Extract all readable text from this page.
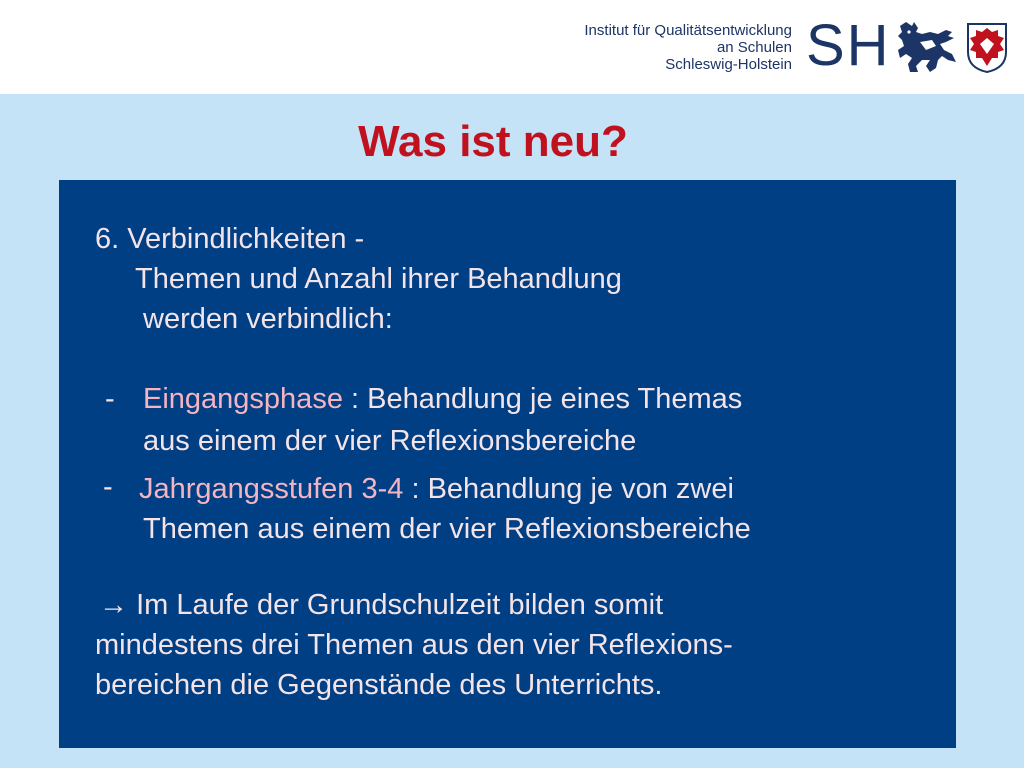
Institut für Qualitätsentwicklung
an Schulen
Schleswig-Holstein SH
Was ist neu?
6. Verbindlichkeiten -
Themen und Anzahl ihrer Behandlung
werden verbindlich:
- Eingangsphase : Behandlung je eines Themas
aus einem der vier Reflexionsbereiche
- Jahrgangsstufen 3-4 : Behandlung je von zwei
Themen aus einem der vier Reflexionsbereiche
→ Im Laufe der Grundschulzeit bilden somit
mindestens drei Themen aus den vier Reflexions-
bereichen die Gegenstände des Unterrichts.
